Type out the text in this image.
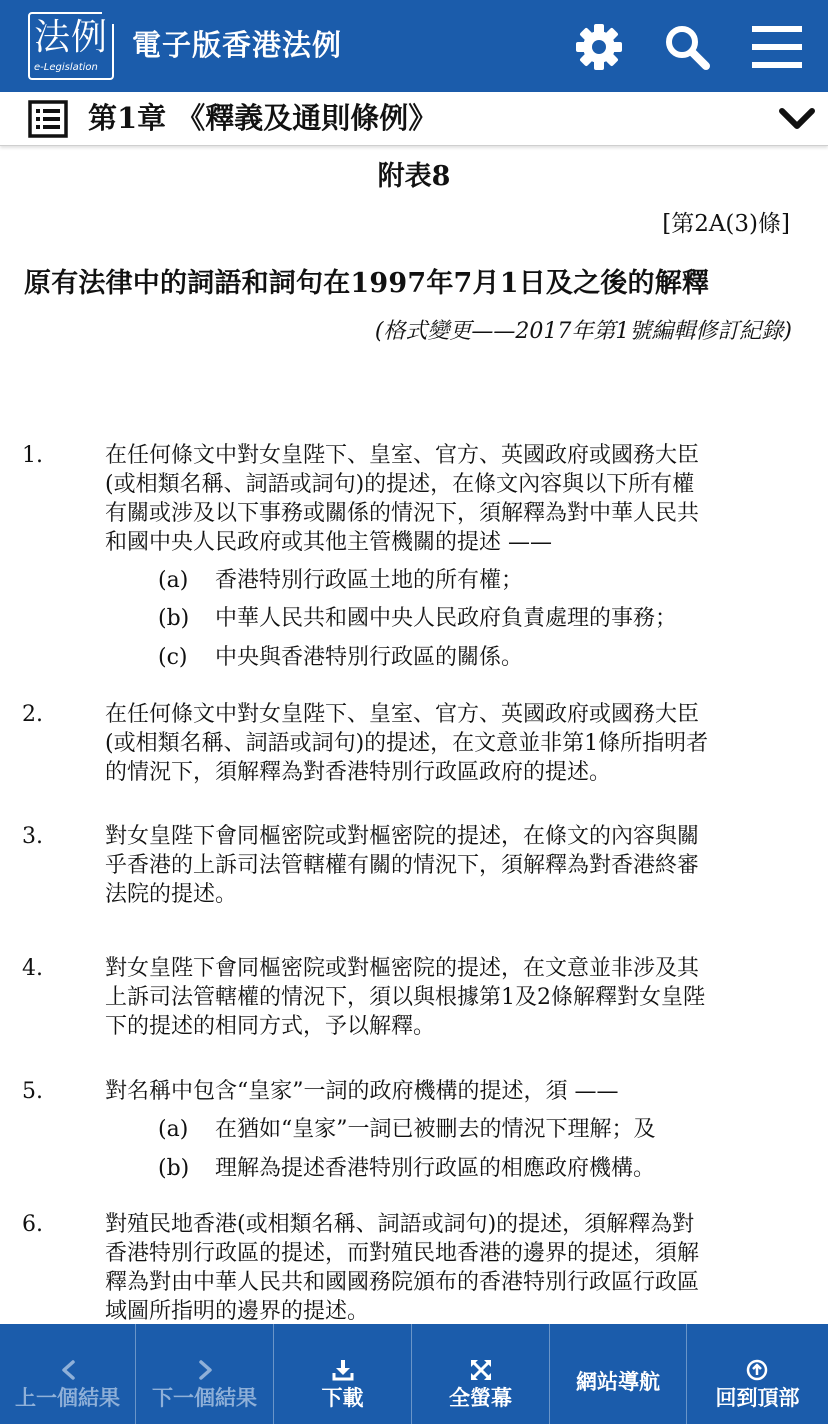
法例
e-Legislation
電子版香港法例
第1章 《釋義及通則條例》
附表8
[第2A(3)條]
原有法律中的詞語和詞句在1997年7月1日及之後的解釋
(格式變更——2017年第1號編輯修訂紀錄)
1.	在任何條文中對女皇陛下、皇室、官方、英國政府或國務大臣
(或相類名稱、詞語或詞句)的提述，在條文內容與以下所有權
有關或涉及以下事務或關係的情況下，須解釋為對中華人民共
和國中央人民政府或其他主管機關的提述 ——
(a) 香港特別行政區土地的所有權；
(b) 中華人民共和國中央人民政府負責處理的事務；
(c) 中央與香港特別行政區的關係。
2.	在任何條文中對女皇陛下、皇室、官方、英國政府或國務大臣
(或相類名稱、詞語或詞句)的提述，在文意並非第1條所指明者
的情況下，須解釋為對香港特別行政區政府的提述。
3.	對女皇陛下會同樞密院或對樞密院的提述，在條文的內容與關
乎香港的上訴司法管轄權有關的情況下，須解釋為對香港終審
法院的提述。
4.	對女皇陛下會同樞密院或對樞密院的提述，在文意並非涉及其
上訴司法管轄權的情況下，須以與根據第1及2條解釋對女皇陛
下的提述的相同方式，予以解釋。
5.	對名稱中包含“皇家”一詞的政府機構的提述，須 ——
(a) 在猶如“皇家”一詞已被刪去的情況下理解；及
(b) 理解為提述香港特別行政區的相應政府機構。
6.	對殖民地香港(或相類名稱、詞語或詞句)的提述，須解釋為對
香港特別行政區的提述，而對殖民地香港的邊界的提述，須解
釋為對由中華人民共和國國務院頒布的香港特別行政區行政區
域圖所指明的邊界的提述。
上一個結果	下一個結果	下載	全螢幕
網站導航
回到頂部
